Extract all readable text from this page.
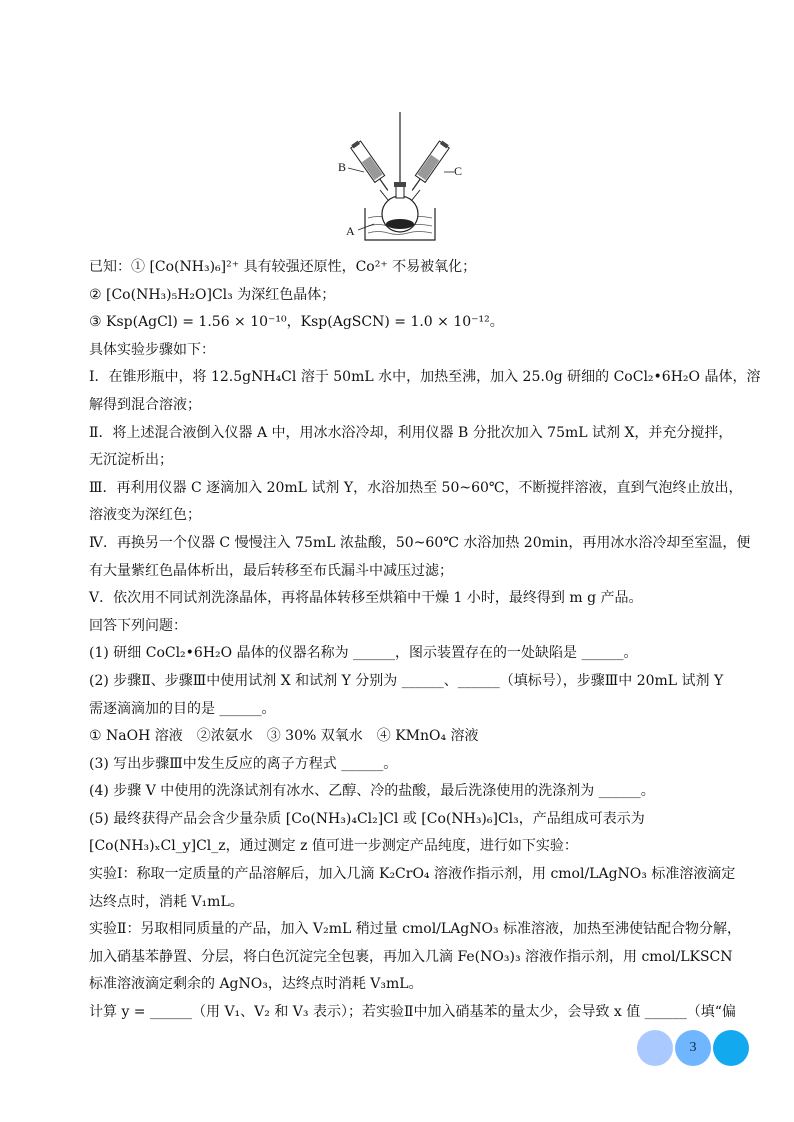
B	C
A
已知：① [Co(NH₃)₆]²⁺ 具有较强还原性，Co²⁺ 不易被氧化；
② [Co(NH₃)₅H₂O]Cl₃ 为深红色晶体；
③ Ksp(AgCl) = 1.56 × 10⁻¹⁰，Ksp(AgSCN) = 1.0 × 10⁻¹²。
具体实验步骤如下：
Ⅰ．在锥形瓶中，将 12.5gNH₄Cl 溶于 50mL 水中，加热至沸，加入 25.0g 研细的 CoCl₂•6H₂O 晶体，溶
解得到混合溶液；
Ⅱ．将上述混合液倒入仪器 A 中，用冰水浴冷却，利用仪器 B 分批次加入 75mL 试剂 X，并充分搅拌，
无沉淀析出；
Ⅲ．再利用仪器 C 逐滴加入 20mL 试剂 Y，水浴加热至 50~60℃，不断搅拌溶液，直到气泡终止放出，
溶液变为深红色；
Ⅳ．再换另一个仪器 C 慢慢注入 75mL 浓盐酸，50~60℃ 水浴加热 20min，再用冰水浴冷却至室温，便
有大量紫红色晶体析出，最后转移至布氏漏斗中减压过滤；
Ⅴ．依次用不同试剂洗涤晶体，再将晶体转移至烘箱中干燥 1 小时，最终得到 m g 产品。
回答下列问题：
(1) 研细 CoCl₂•6H₂O 晶体的仪器名称为 ______，图示装置存在的一处缺陷是 ______。
(2) 步骤Ⅱ、步骤Ⅲ中使用试剂 X 和试剂 Y 分别为 ______、______（填标号），步骤Ⅲ中 20mL 试剂 Y
需逐滴滴加的目的是 ______。
① NaOH 溶液　②浓氨水　③ 30% 双氧水　④ KMnO₄ 溶液
(3) 写出步骤Ⅲ中发生反应的离子方程式 ______。
(4) 步骤 V 中使用的洗涤试剂有冰水、乙醇、冷的盐酸，最后洗涤使用的洗涤剂为 ______。
(5) 最终获得产品会含少量杂质 [Co(NH₃)₄Cl₂]Cl 或 [Co(NH₃)₆]Cl₃，产品组成可表示为
[Co(NH₃)ₓCl_y]Cl_z，通过测定 z 值可进一步测定产品纯度，进行如下实验：
实验Ⅰ：称取一定质量的产品溶解后，加入几滴 K₂CrO₄ 溶液作指示剂，用 cmol/LAgNO₃ 标准溶液滴定
达终点时，消耗 V₁mL。
实验Ⅱ：另取相同质量的产品，加入 V₂mL 稍过量 cmol/LAgNO₃ 标准溶液，加热至沸使钴配合物分解，
加入硝基苯静置、分层，将白色沉淀完全包裹，再加入几滴 Fe(NO₃)₃ 溶液作指示剂，用 cmol/LKSCN
标准溶液滴定剩余的 AgNO₃，达终点时消耗 V₃mL。
计算 y = ______（用 V₁、V₂ 和 V₃ 表示）；若实验Ⅱ中加入硝基苯的量太少，会导致 x 值 ______（填“偏
3
